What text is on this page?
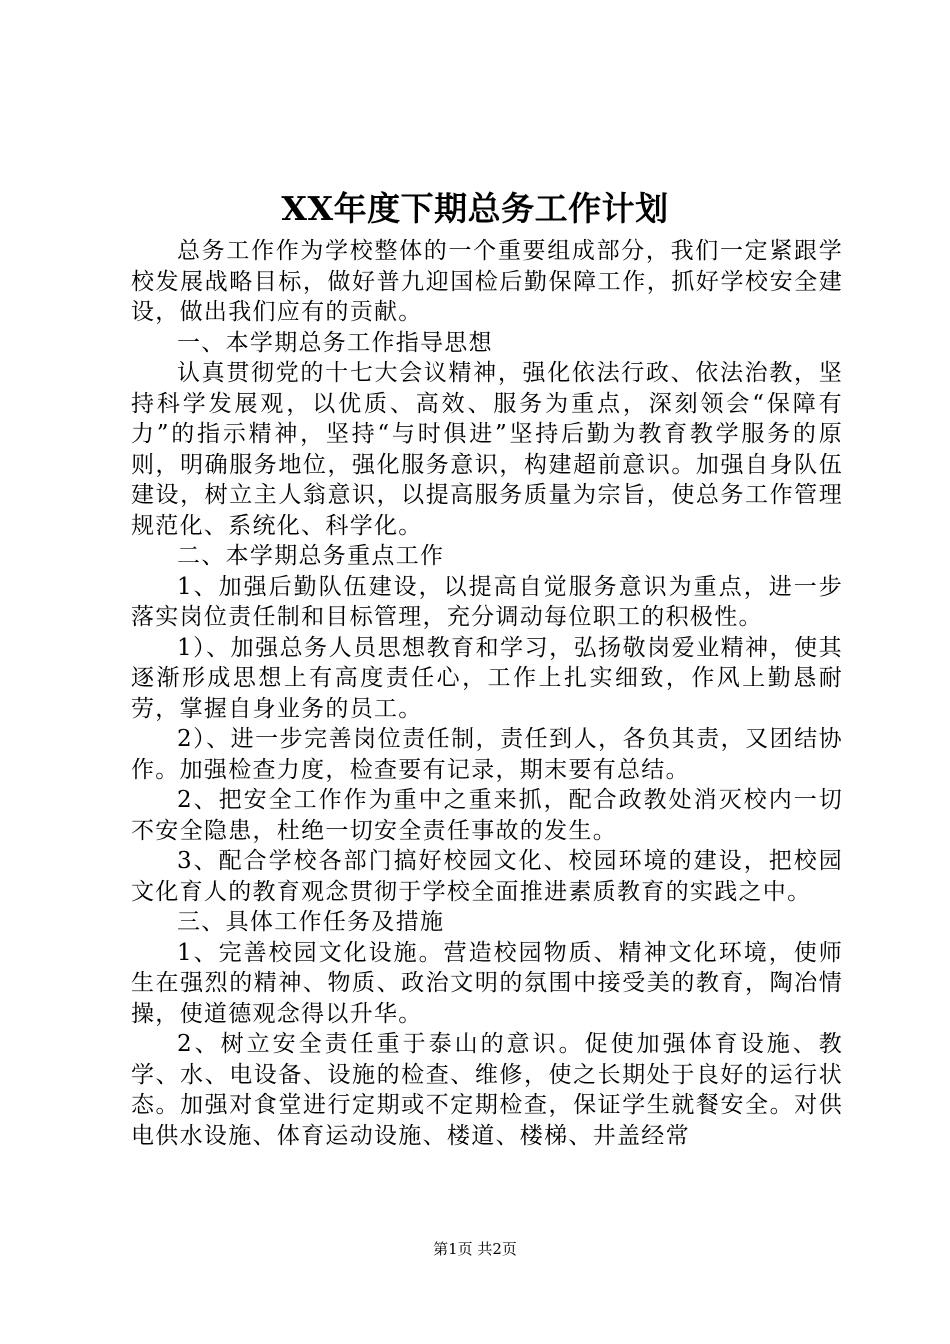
XX年度下期总务工作计划

总务工作作为学校整体的一个重要组成部分，我们一定紧跟学校发展战略目标，做好普九迎国检后勤保障工作，抓好学校安全建设，做出我们应有的贡献。

一、本学期总务工作指导思想

认真贯彻党的十七大会议精神，强化依法行政、依法治教，坚持科学发展观，以优质、高效、服务为重点，深刻领会“保障有力”的指示精神，坚持“与时俱进”坚持后勤为教育教学服务的原则，明确服务地位，强化服务意识，构建超前意识。加强自身队伍建设，树立主人翁意识，以提高服务质量为宗旨，使总务工作管理规范化、系统化、科学化。

二、本学期总务重点工作

1、加强后勤队伍建设，以提高自觉服务意识为重点，进一步落实岗位责任制和目标管理，充分调动每位职工的积极性。

1）、加强总务人员思想教育和学习，弘扬敬岗爱业精神，使其逐渐形成思想上有高度责任心，工作上扎实细致，作风上勤恳耐劳，掌握自身业务的员工。

2）、进一步完善岗位责任制，责任到人，各负其责，又团结协作。加强检查力度，检查要有记录，期末要有总结。

2、把安全工作作为重中之重来抓，配合政教处消灭校内一切不安全隐患，杜绝一切安全责任事故的发生。

3、配合学校各部门搞好校园文化、校园环境的建设，把校园文化育人的教育观念贯彻于学校全面推进素质教育的实践之中。

三、具体工作任务及措施

1、完善校园文化设施。营造校园物质、精神文化环境，使师生在强烈的精神、物质、政治文明的氛围中接受美的教育，陶冶情操，使道德观念得以升华。

2、树立安全责任重于泰山的意识。促使加强体育设施、教学、水、电设备、设施的检查、维修，使之长期处于良好的运行状态。加强对食堂进行定期或不定期检查，保证学生就餐安全。对供电供水设施、体育运动设施、楼道、楼梯、井盖经常

第1页 共2页
